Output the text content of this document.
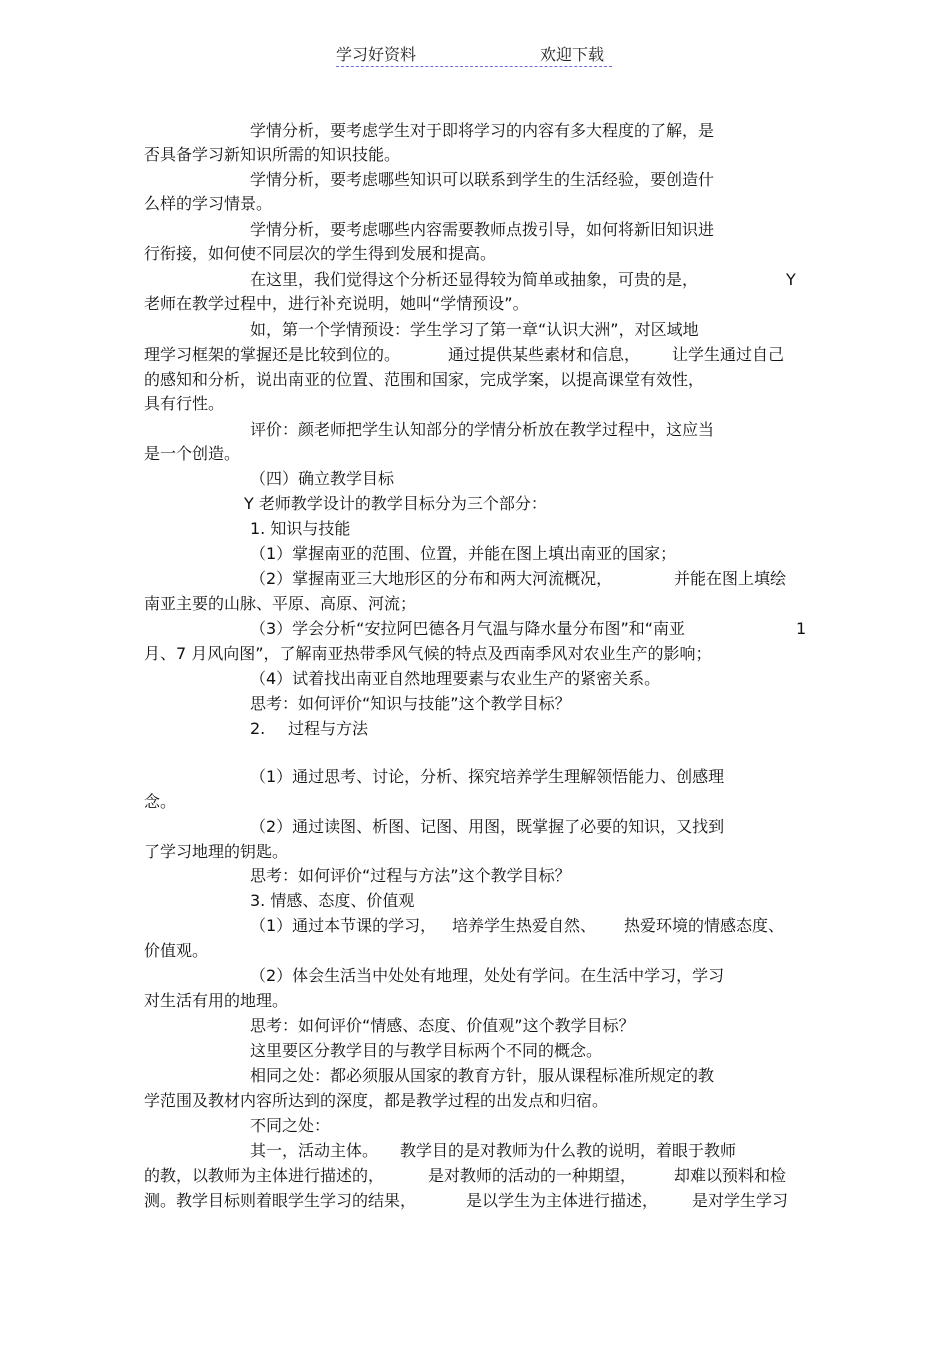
学习好资料	欢迎下载
学情分析，要考虑学生对于即将学习的内容有多大程度的了解，是
否具备学习新知识所需的知识技能。
学情分析，要考虑哪些知识可以联系到学生的生活经验，要创造什
么样的学习情景。
学情分析，要考虑哪些内容需要教师点拨引导，如何将新旧知识进
行衔接，如何使不同层次的学生得到发展和提高。
在这里，我们觉得这个分析还显得较为简单或抽象，可贵的是，	Y
老师在教学过程中，进行补充说明，她叫“学情预设”。
如，第一个学情预设：学生学习了第一章“认识大洲”，对区域地
理学习框架的掌握还是比较到位的。	通过提供某些素材和信息， 让学生通过自己
的感知和分析，说出南亚的位置、范围和国家，完成学案，以提高课堂有效性，
具有行性。
评价：颜老师把学生认知部分的学情分析放在教学过程中，这应当
是一个创造。
（四）确立教学目标
Y 老师教学设计的教学目标分为三个部分：
1. 知识与技能
（1）掌握南亚的范围、位置，并能在图上填出南亚的国家；
（2）掌握南亚三大地形区的分布和两大河流概况，	并能在图上填绘
南亚主要的山脉、平原、高原、河流；
（3）学会分析“安拉阿巴德各月气温与降水量分布图”和“南亚	1
月、7 月风向图”，了解南亚热带季风气候的特点及西南季风对农业生产的影响；
（4）试着找出南亚自然地理要素与农业生产的紧密关系。
思考：如何评价“知识与技能”这个教学目标？
2. 过程与方法
（1）通过思考、讨论，分析、探究培养学生理解领悟能力、创感理
念。
（2）通过读图、析图、记图、用图，既掌握了必要的知识，又找到
了学习地理的钥匙。
思考：如何评价“过程与方法”这个教学目标？
3. 情感、态度、价值观
（1）通过本节课的学习， 培养学生热爱自然、 热爱环境的情感态度、
价值观。
（2）体会生活当中处处有地理，处处有学问。在生活中学习，学习
对生活有用的地理。
思考：如何评价“情感、态度、价值观”这个教学目标？
这里要区分教学目的与教学目标两个不同的概念。
相同之处：都必须服从国家的教育方针，服从课程标准所规定的教
学范围及教材内容所达到的深度，都是教学过程的出发点和归宿。
不同之处：
其一，活动主体。 教学目的是对教师为什么教的说明，着眼于教师
的教，以教师为主体进行描述的，	是对教师的活动的一种期望， 却难以预料和检
测。教学目标则着眼学生学习的结果，	是以学生为主体进行描述， 是对学生学习
